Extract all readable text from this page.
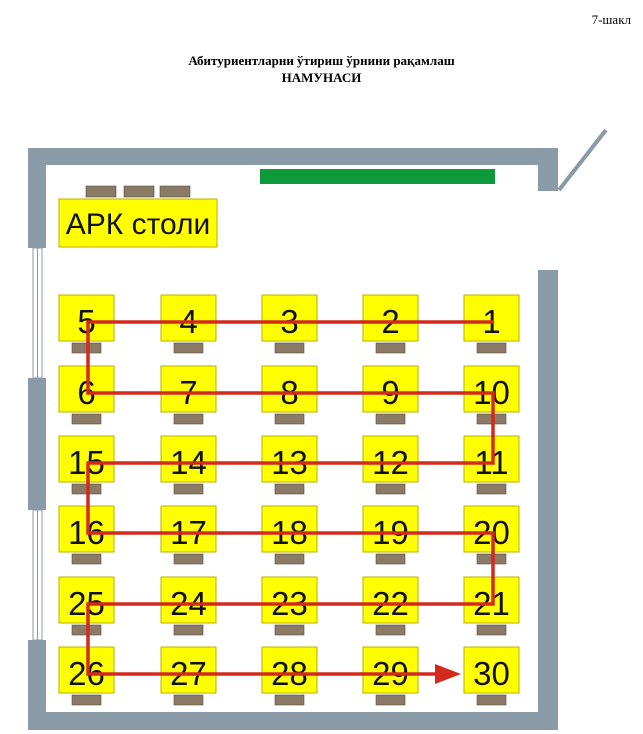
7-шакл
Абитуриентларни ўтириш ўрнини рақамлаш
НАМУНАСИ
АРК столи
5	4	3	2	1
6	7	8	9 10
15 14 13 12 11
16 17 18 19 20
25 24 23 22 21
26 27 28 29 30
